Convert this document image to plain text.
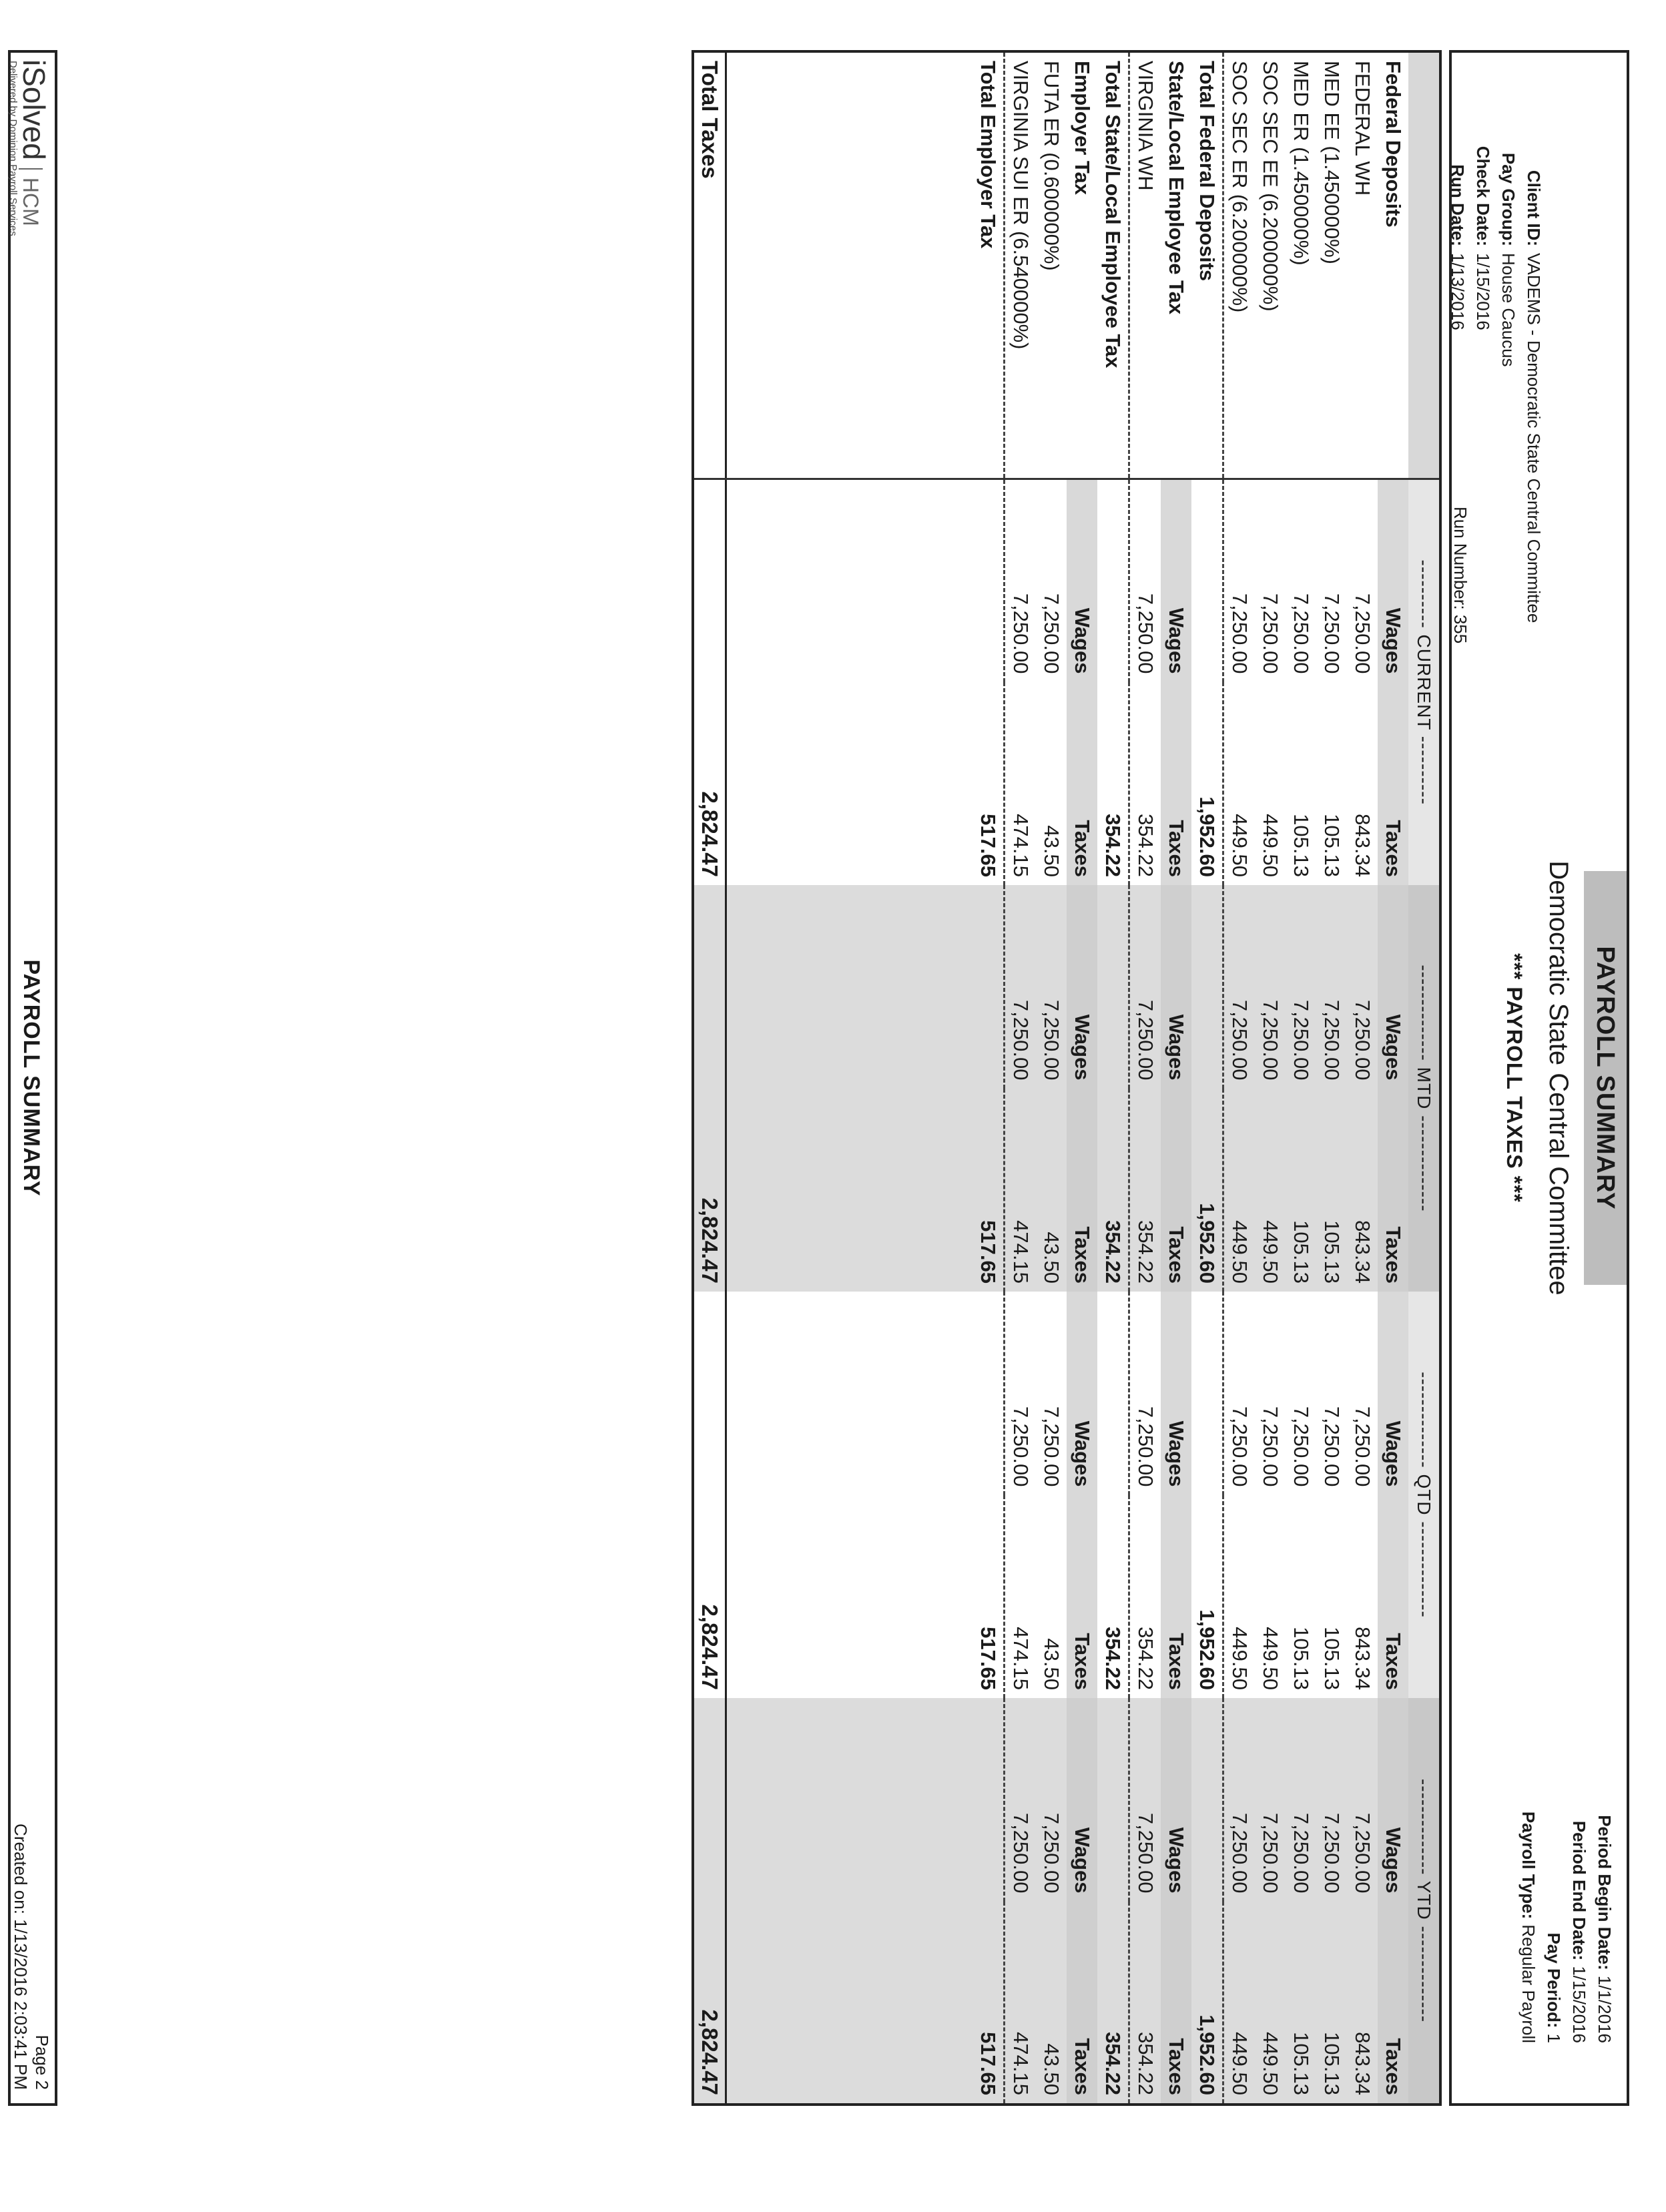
PAYROLL SUMMARY
Democratic State Central Committee
*** PAYROLL TAXES ***
Client ID:VADEMS - Democratic State Central Committee
Pay Group:House Caucus
Check Date:1/15/2016
Run Date:1/13/2016
Run Number: 355
Period Begin Date:1/1/2016
Period End Date:1/15/2016
Pay Period:1
Payroll Type:Regular Payroll
	---------- CURRENT ----------		-------------- MTD --------------		-------------- QTD --------------		-------------- YTD --------------	
Federal Deposits	Wages	Taxes	Wages	Taxes	Wages	Taxes	Wages	Taxes
FEDERAL WH	7,250.00	843.34	7,250.00	843.34	7,250.00	843.34	7,250.00	843.34
MED EE (1.450000%)	7,250.00	105.13	7,250.00	105.13	7,250.00	105.13	7,250.00	105.13
MED ER (1.450000%)	7,250.00	105.13	7,250.00	105.13	7,250.00	105.13	7,250.00	105.13
SOC SEC EE (6.200000%)	7,250.00	449.50	7,250.00	449.50	7,250.00	449.50	7,250.00	449.50
SOC SEC ER (6.200000%)	7,250.00	449.50	7,250.00	449.50	7,250.00	449.50	7,250.00	449.50
Total Federal Deposits		1,952.60		1,952.60		1,952.60		1,952.60
State/Local Employee Tax	Wages	Taxes	Wages	Taxes	Wages	Taxes	Wages	Taxes
VIRGINIA WH	7,250.00	354.22	7,250.00	354.22	7,250.00	354.22	7,250.00	354.22
Total State/Local Employee Tax		354.22		354.22		354.22		354.22
Employer Tax	Wages	Taxes	Wages	Taxes	Wages	Taxes	Wages	Taxes
FUTA ER (0.600000%)	7,250.00	43.50	7,250.00	43.50	7,250.00	43.50	7,250.00	43.50
VIRGINIA SUI ER (6.540000%)	7,250.00	474.15	7,250.00	474.15	7,250.00	474.15	7,250.00	474.15
Total Employer Tax		517.65		517.65		517.65		517.65

Total Taxes		2,824.47		2,824.47		2,824.47		2,824.47
iSolvedHCM
Delivered by Dominion Payroll Services
PAYROLL SUMMARY
Page 2
Created on: 1/13/2016 2:03:41 PM
